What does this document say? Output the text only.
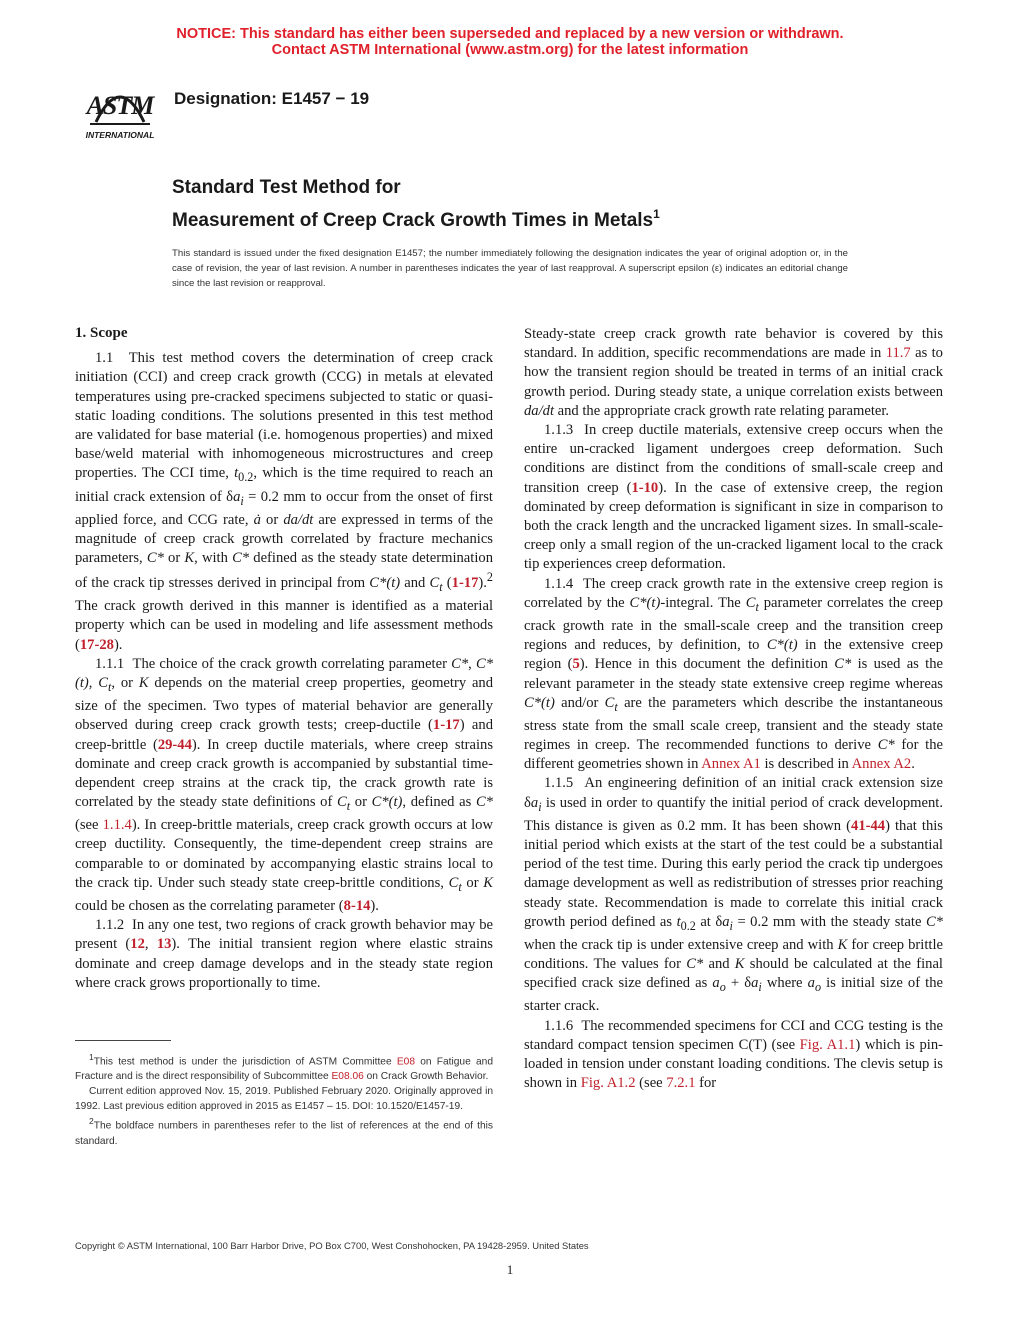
NOTICE: This standard has either been superseded and replaced by a new version or withdrawn.
Contact ASTM International (www.astm.org) for the latest information
ASTM
INTERNATIONAL
Designation: E1457 − 19
Standard Test Method for
Measurement of Creep Crack Growth Times in Metals$^1$
This standard is issued under the fixed designation E1457; the number immediately following the designation indicates the year of original adoption or, in the case of revision, the year of last revision. A number in parentheses indicates the year of last reapproval. A superscript epsilon (ε) indicates an editorial change since the last revision or reapproval.
1. Scope

1.1  This test method covers the determination of creep crack initiation (CCI) and creep crack growth (CCG) in metals at elevated temperatures using pre-cracked specimens subjected to static or quasi-static loading conditions. The solutions presented in this test method are validated for base material (i.e. homogenous properties) and mixed base/weld material with inhomogeneous microstructures and creep properties. The CCI time, $t_{0.2}$, which is the time required to reach an initial crack extension of $\delta a_i = 0.2$ mm to occur from the onset of first applied force, and CCG rate, ȧ or da/dt are expressed in terms of the magnitude of creep crack growth correlated by fracture mechanics parameters, C* or K, with C* defined as the steady state determination of the crack tip stresses derived in principal from C*(t) and $C_t$ (1-17).$^2$ The crack growth derived in this manner is identified as a material property which can be used in modeling and life assessment methods (17-28).

1.1.1  The choice of the crack growth correlating parameter C*, C*(t), $C_t$, or K depends on the material creep properties, geometry and size of the specimen. Two types of material behavior are generally observed during creep crack growth tests; creep-ductile (1-17) and creep-brittle (29-44). In creep ductile materials, where creep strains dominate and creep crack growth is accompanied by substantial time-dependent creep strains at the crack tip, the crack growth rate is correlated by the steady state definitions of $C_t$ or C*(t), defined as C* (see 1.1.4). In creep-brittle materials, creep crack growth occurs at low creep ductility. Consequently, the time-dependent creep strains are comparable to or dominated by accompanying elastic strains local to the crack tip. Under such steady state creep-brittle conditions, $C_t$ or K could be chosen as the correlating parameter (8-14).

1.1.2  In any one test, two regions of crack growth behavior may be present (12, 13). The initial transient region where elastic strains dominate and creep damage develops and in the steady state region where crack grows proportionally to time.

Steady-state creep crack growth rate behavior is covered by this standard. In addition, specific recommendations are made in 11.7 as to how the transient region should be treated in terms of an initial crack growth period. During steady state, a unique correlation exists between da/dt and the appropriate crack growth rate relating parameter.

1.1.3  In creep ductile materials, extensive creep occurs when the entire un-cracked ligament undergoes creep deformation. Such conditions are distinct from the conditions of small-scale creep and transition creep (1-10). In the case of extensive creep, the region dominated by creep deformation is significant in size in comparison to both the crack length and the uncracked ligament sizes. In small-scale-creep only a small region of the un-cracked ligament local to the crack tip experiences creep deformation.

1.1.4  The creep crack growth rate in the extensive creep region is correlated by the C*(t)-integral. The $C_t$ parameter correlates the creep crack growth rate in the small-scale creep and the transition creep regions and reduces, by definition, to C*(t) in the extensive creep region (5). Hence in this document the definition C* is used as the relevant parameter in the steady state extensive creep regime whereas C*(t) and/or $C_t$ are the parameters which describe the instantaneous stress state from the small scale creep, transient and the steady state regimes in creep. The recommended functions to derive C* for the different geometries shown in Annex A1 is described in Annex A2.

1.1.5  An engineering definition of an initial crack extension size $\delta a_i$ is used in order to quantify the initial period of crack development. This distance is given as 0.2 mm. It has been shown (41-44) that this initial period which exists at the start of the test could be a substantial period of the test time. During this early period the crack tip undergoes damage development as well as redistribution of stresses prior reaching steady state. Recommendation is made to correlate this initial crack growth period defined as $t_{0.2}$ at $\delta a_i = 0.2$ mm with the steady state C* when the crack tip is under extensive creep and with K for creep brittle conditions. The values for C* and K should be calculated at the final specified crack size defined as $a_o + \delta a_i$ where $a_o$ is initial size of the starter crack.

1.1.6  The recommended specimens for CCI and CCG testing is the standard compact tension specimen C(T) (see Fig. A1.1) which is pin-loaded in tension under constant loading conditions. The clevis setup is shown in Fig. A1.2 (see 7.2.1 for

$^1$This test method is under the jurisdiction of ASTM Committee E08 on Fatigue and Fracture and is the direct responsibility of Subcommittee E08.06 on Crack Growth Behavior.

Current edition approved Nov. 15, 2019. Published February 2020. Originally approved in 1992. Last previous edition approved in 2015 as E1457 – 15. DOI: 10.1520/E1457-19.

$^2$The boldface numbers in parentheses refer to the list of references at the end of this standard.

Copyright © ASTM International, 100 Barr Harbor Drive, PO Box C700, West Conshohocken, PA 19428-2959. United States
1
